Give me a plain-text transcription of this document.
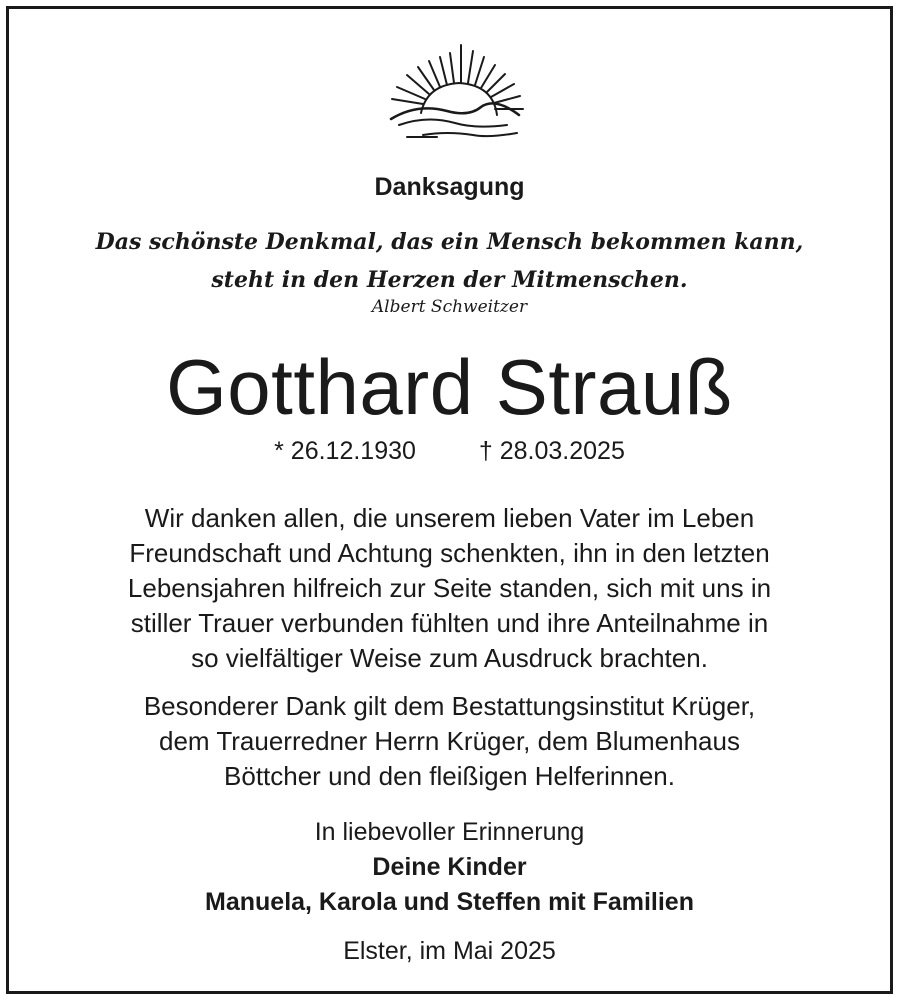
Danksagung
Das schönste Denkmal, das ein Mensch bekommen kann,
steht in den Herzen der Mitmenschen.
Albert Schweitzer
Gotthard Strauß
* 26.12.1930	† 28.03.2025

Wir danken allen, die unserem lieben Vater im Leben
Freundschaft und Achtung schenkten, ihn in den letzten
Lebensjahren hilfreich zur Seite standen, sich mit uns in
stiller Trauer verbunden fühlten und ihre Anteilnahme in
so vielfältiger Weise zum Ausdruck brachten.

Besonderer Dank gilt dem Bestattungsinstitut Krüger,
dem Trauerredner Herrn Krüger, dem Blumenhaus
Böttcher und den fleißigen Helferinnen.

In liebevoller Erinnerung
Deine Kinder
Manuela, Karola und Steffen mit Familien
Elster, im Mai 2025
